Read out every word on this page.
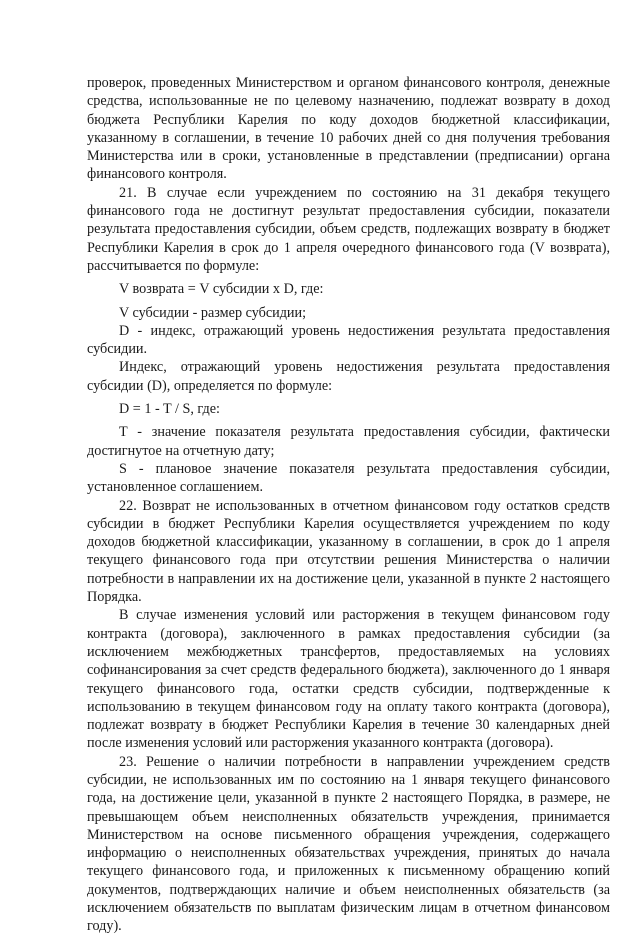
проверок, проведенных Министерством и органом финансового контроля, денежные средства, использованные не по целевому назначению, подлежат возврату в доход бюджета Республики Карелия по коду доходов бюджетной классификации, указанному в соглашении, в течение 10 рабочих дней со дня получения требования Министерства или в сроки, установленные в представлении (предписании) органа финансового контроля.

21. В случае если учреждением по состоянию на 31 декабря текущего финансового года не достигнут результат предоставления субсидии, показатели результата предоставления субсидии, объем средств, подлежащих возврату в бюджет Республики Карелия в срок до 1 апреля очередного финансового года (V возврата), рассчитывается по формуле:

V возврата = V субсидии x D, где:

V субсидии - размер субсидии;

D - индекс, отражающий уровень недостижения результата предоставления субсидии.

Индекс, отражающий уровень недостижения результата предоставления субсидии (D), определяется по формуле:

D = 1 - T / S, где:

T - значение показателя результата предоставления субсидии, фактически достигнутое на отчетную дату;

S - плановое значение показателя результата предоставления субсидии, установленное соглашением.

22. Возврат не использованных в отчетном финансовом году остатков средств субсидии в бюджет Республики Карелия осуществляется учреждением по коду доходов бюджетной классификации, указанному в соглашении, в срок до 1 апреля текущего финансового года при отсутствии решения Министерства о наличии потребности в направлении их на достижение цели, указанной в пункте 2 настоящего Порядка.

В случае изменения условий или расторжения в текущем финансовом году контракта (договора), заключенного в рамках предоставления субсидии (за исключением межбюджетных трансфертов, предоставляемых на условиях софинансирования за счет средств федерального бюджета), заключенного до 1 января текущего финансового года, остатки средств субсидии, подтвержденные к использованию в текущем финансовом году на оплату такого контракта (договора), подлежат возврату в бюджет Республики Карелия в течение 30 календарных дней после изменения условий или расторжения указанного контракта (договора).

23. Решение о наличии потребности в направлении учреждением средств субсидии, не использованных им по состоянию на 1 января текущего финансового года, на достижение цели, указанной в пункте 2 настоящего Порядка, в размере, не превышающем объем неисполненных обязательств учреждения, принимается Министерством на основе письменного обращения учреждения, содержащего информацию о неисполненных обязательствах учреждения, принятых до начала текущего финансового года, и приложенных к письменному обращению копий документов, подтверждающих наличие и объем неисполненных обязательств (за исключением обязательств по выплатам физическим лицам в отчетном финансовом году).
